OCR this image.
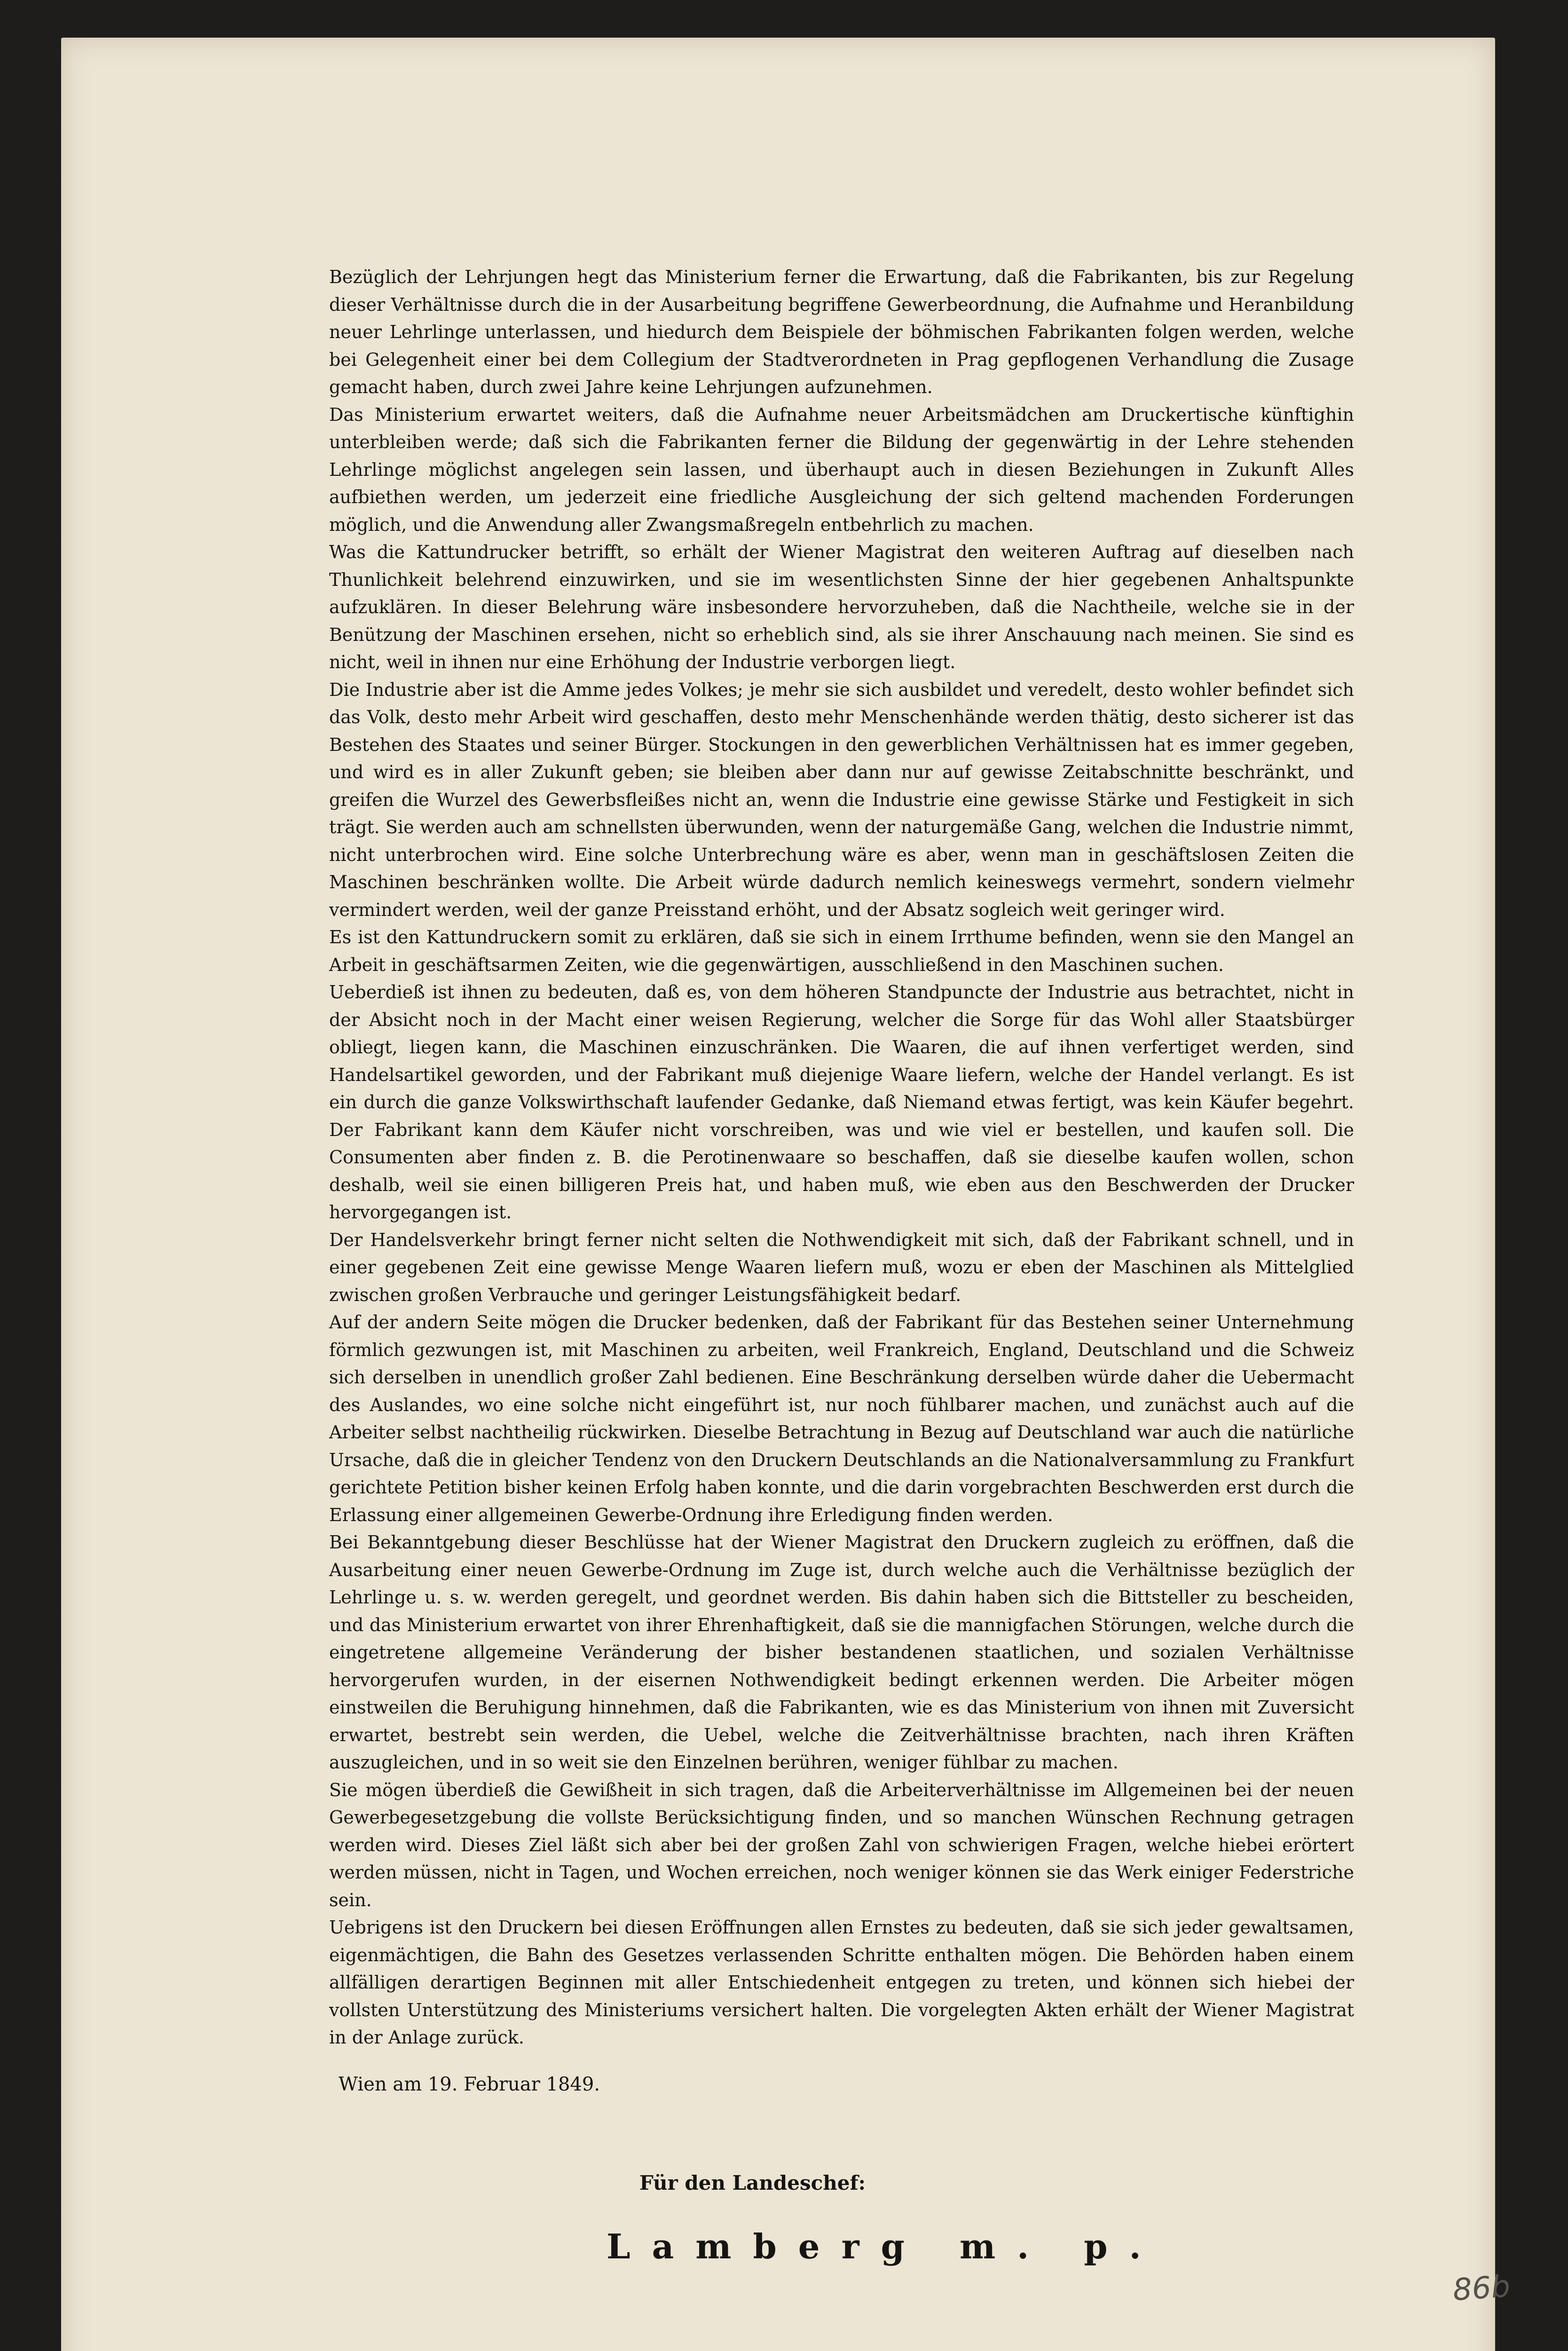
Bezüglich der Lehrjungen hegt das Ministerium ferner die Erwartung, daß die Fabrikanten, bis zur Regelung dieser Verhältnisse durch die in der Ausarbeitung begriffene Gewerbeordnung, die Aufnahme und Heranbildung neuer Lehrlinge unterlassen, und hiedurch dem Beispiele der böhmischen Fabrikanten folgen werden, welche bei Gelegenheit einer bei dem Collegium der Stadtverordneten in Prag gepflogenen Verhandlung die Zusage gemacht haben, durch zwei Jahre keine Lehrjungen aufzunehmen.

Das Ministerium erwartet weiters, daß die Aufnahme neuer Arbeitsmädchen am Druckertische künftighin unterbleiben werde; daß sich die Fabrikanten ferner die Bildung der gegenwärtig in der Lehre stehenden Lehrlinge möglichst angelegen sein lassen, und überhaupt auch in diesen Beziehungen in Zukunft Alles aufbiethen werden, um jederzeit eine friedliche Ausgleichung der sich geltend machenden Forderungen möglich, und die Anwendung aller Zwangsmaßregeln entbehrlich zu machen.

Was die Kattundrucker betrifft, so erhält der Wiener Magistrat den weiteren Auftrag auf dieselben nach Thunlichkeit belehrend einzuwirken, und sie im wesentlichsten Sinne der hier gegebenen Anhaltspunkte aufzuklären. In dieser Belehrung wäre insbesondere hervorzuheben, daß die Nachtheile, welche sie in der Benützung der Maschinen ersehen, nicht so erheblich sind, als sie ihrer Anschauung nach meinen. Sie sind es nicht, weil in ihnen nur eine Erhöhung der Industrie verborgen liegt.

Die Industrie aber ist die Amme jedes Volkes; je mehr sie sich ausbildet und veredelt, desto wohler befindet sich das Volk, desto mehr Arbeit wird geschaffen, desto mehr Menschenhände werden thätig, desto sicherer ist das Bestehen des Staates und seiner Bürger. Stockungen in den gewerblichen Verhältnissen hat es immer gegeben, und wird es in aller Zukunft geben; sie bleiben aber dann nur auf gewisse Zeitabschnitte beschränkt, und greifen die Wurzel des Gewerbsfleißes nicht an, wenn die Industrie eine gewisse Stärke und Festigkeit in sich trägt. Sie werden auch am schnellsten überwunden, wenn der naturgemäße Gang, welchen die Industrie nimmt, nicht unterbrochen wird. Eine solche Unterbrechung wäre es aber, wenn man in geschäftslosen Zeiten die Maschinen beschränken wollte. Die Arbeit würde dadurch nemlich keineswegs vermehrt, sondern vielmehr vermindert werden, weil der ganze Preisstand erhöht, und der Absatz sogleich weit geringer wird.

Es ist den Kattundruckern somit zu erklären, daß sie sich in einem Irrthume befinden, wenn sie den Mangel an Arbeit in geschäftsarmen Zeiten, wie die gegenwärtigen, ausschließend in den Maschinen suchen.

Ueberdieß ist ihnen zu bedeuten, daß es, von dem höheren Standpuncte der Industrie aus betrachtet, nicht in der Absicht noch in der Macht einer weisen Regierung, welcher die Sorge für das Wohl aller Staatsbürger obliegt, liegen kann, die Maschinen einzuschränken. Die Waaren, die auf ihnen verfertiget werden, sind Handelsartikel geworden, und der Fabrikant muß diejenige Waare liefern, welche der Handel verlangt. Es ist ein durch die ganze Volkswirthschaft laufender Gedanke, daß Niemand etwas fertigt, was kein Käufer begehrt. Der Fabrikant kann dem Käufer nicht vorschreiben, was und wie viel er bestellen, und kaufen soll. Die Consumenten aber finden z. B. die Perotinenwaare so beschaffen, daß sie dieselbe kaufen wollen, schon deshalb, weil sie einen billigeren Preis hat, und haben muß, wie eben aus den Beschwerden der Drucker hervorgegangen ist.

Der Handelsverkehr bringt ferner nicht selten die Nothwendigkeit mit sich, daß der Fabrikant schnell, und in einer gegebenen Zeit eine gewisse Menge Waaren liefern muß, wozu er eben der Maschinen als Mittelglied zwischen großen Verbrauche und geringer Leistungsfähigkeit bedarf.

Auf der andern Seite mögen die Drucker bedenken, daß der Fabrikant für das Bestehen seiner Unternehmung förmlich gezwungen ist, mit Maschinen zu arbeiten, weil Frankreich, England, Deutschland und die Schweiz sich derselben in unendlich großer Zahl bedienen. Eine Beschränkung derselben würde daher die Uebermacht des Auslandes, wo eine solche nicht eingeführt ist, nur noch fühlbarer machen, und zunächst auch auf die Arbeiter selbst nachtheilig rückwirken. Dieselbe Betrachtung in Bezug auf Deutschland war auch die natürliche Ursache, daß die in gleicher Tendenz von den Druckern Deutschlands an die Nationalversammlung zu Frankfurt gerichtete Petition bisher keinen Erfolg haben konnte, und die darin vorgebrachten Beschwerden erst durch die Erlassung einer allgemeinen Gewerbe-Ordnung ihre Erledigung finden werden.

Bei Bekanntgebung dieser Beschlüsse hat der Wiener Magistrat den Druckern zugleich zu eröffnen, daß die Ausarbeitung einer neuen Gewerbe-Ordnung im Zuge ist, durch welche auch die Verhältnisse bezüglich der Lehrlinge u. s. w. werden geregelt, und geordnet werden. Bis dahin haben sich die Bittsteller zu bescheiden, und das Ministerium erwartet von ihrer Ehrenhaftigkeit, daß sie die mannigfachen Störungen, welche durch die eingetretene allgemeine Veränderung der bisher bestandenen staatlichen, und sozialen Verhältnisse hervorgerufen wurden, in der eisernen Nothwendigkeit bedingt erkennen werden. Die Arbeiter mögen einstweilen die Beruhigung hinnehmen, daß die Fabrikanten, wie es das Ministerium von ihnen mit Zuversicht erwartet, bestrebt sein werden, die Uebel, welche die Zeitverhältnisse brachten, nach ihren Kräften auszugleichen, und in so weit sie den Einzelnen berühren, weniger fühlbar zu machen.

Sie mögen überdieß die Gewißheit in sich tragen, daß die Arbeiterverhältnisse im Allgemeinen bei der neuen Gewerbegesetzgebung die vollste Berücksichtigung finden, und so manchen Wünschen Rechnung getragen werden wird. Dieses Ziel läßt sich aber bei der großen Zahl von schwierigen Fragen, welche hiebei erörtert werden müssen, nicht in Tagen, und Wochen erreichen, noch weniger können sie das Werk einiger Federstriche sein.

Uebrigens ist den Druckern bei diesen Eröffnungen allen Ernstes zu bedeuten, daß sie sich jeder gewaltsamen, eigenmächtigen, die Bahn des Gesetzes verlassenden Schritte enthalten mögen. Die Behörden haben einem allfälligen derartigen Beginnen mit aller Entschiedenheit entgegen zu treten, und können sich hiebei der vollsten Unterstützung des Ministeriums versichert halten. Die vorgelegten Akten erhält der Wiener Magistrat in der Anlage zurück.

Wien am 19. Februar 1849.
Für den Landeschef:
Lamberg m. p.
86b
